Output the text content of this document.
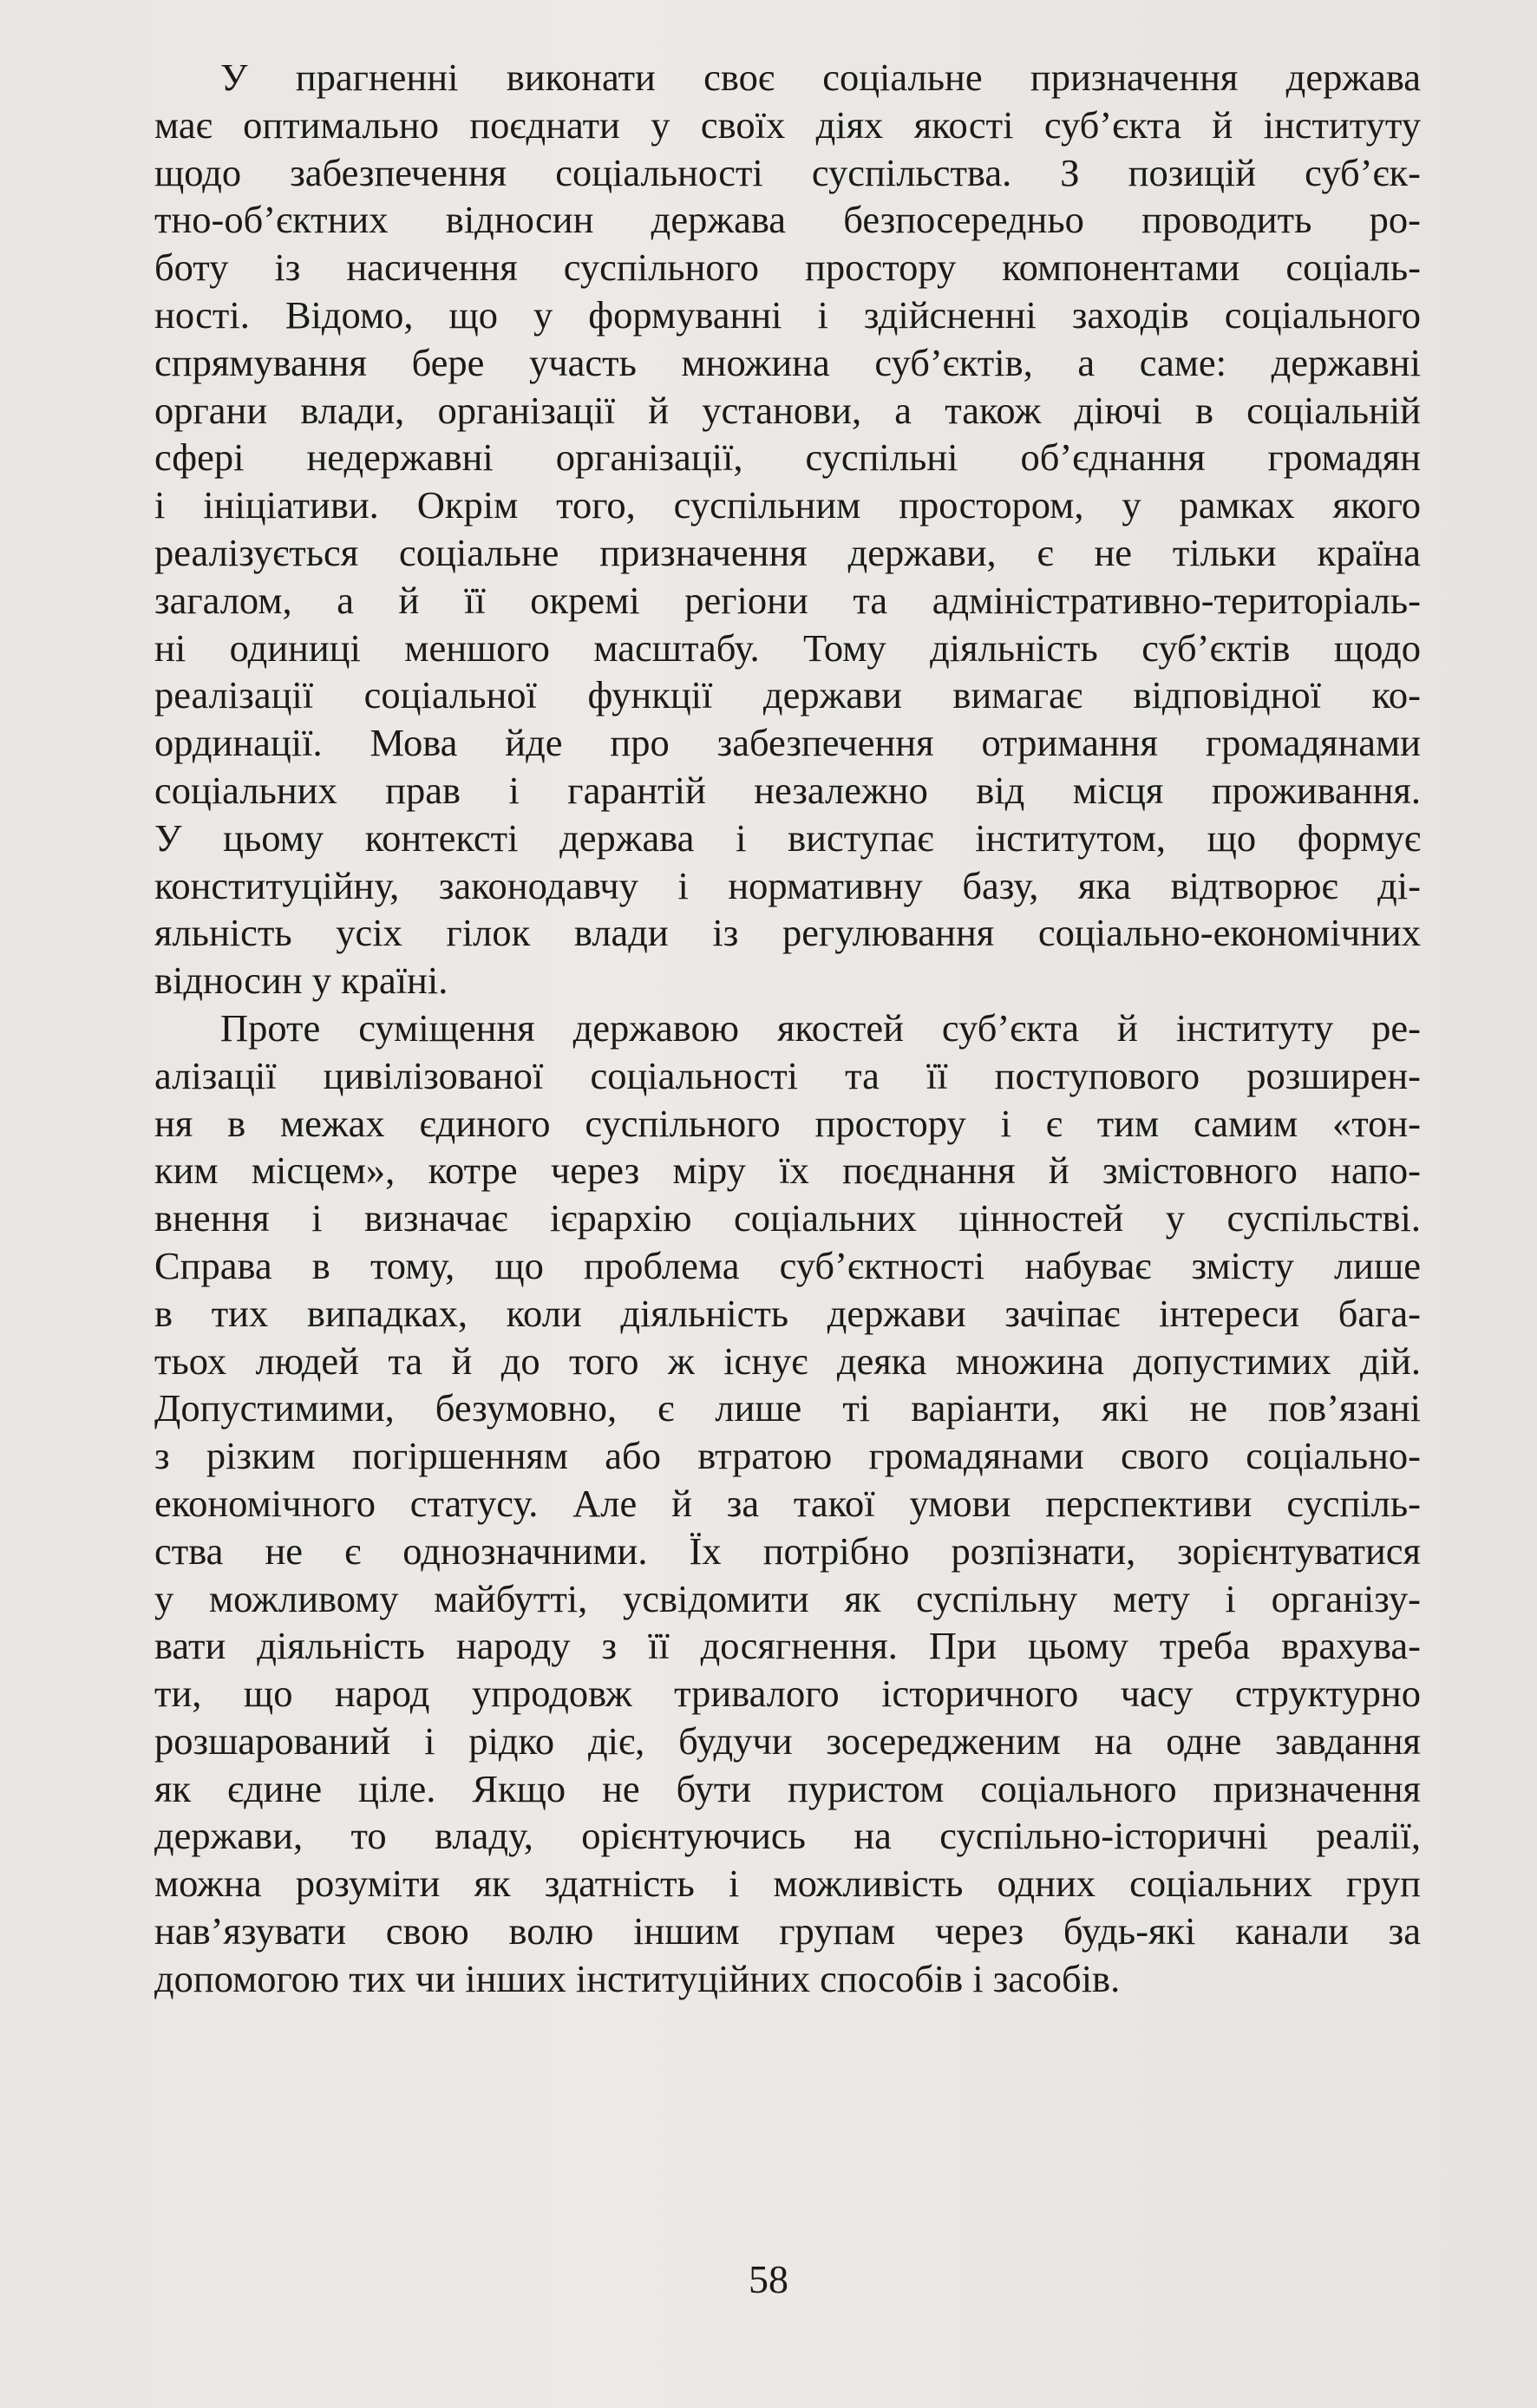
У прагненні виконати своє соціальне призначення держава
має оптимально поєднати у своїх діях якості суб’єкта й інституту
щодо забезпечення соціальності суспільства. З позицій суб’єк-
тно-об’єктних відносин держава безпосередньо проводить ро-
боту із насичення суспільного простору компонентами соціаль-
ності. Відомо, що у формуванні і здійсненні заходів соціального
спрямування бере участь множина суб’єктів, а саме: державні
органи влади, організації й установи, а також діючі в соціальній
сфері недержавні організації, суспільні об’єднання громадян
і ініціативи. Окрім того, суспільним простором, у рамках якого
реалізується соціальне призначення держави, є не тільки країна
загалом, а й її окремі регіони та адміністративно-територіаль-
ні одиниці меншого масштабу. Тому діяльність суб’єктів щодо
реалізації соціальної функції держави вимагає відповідної ко-
ординації. Мова йде про забезпечення отримання громадянами
соціальних прав і гарантій незалежно від місця проживання.
У цьому контексті держава і виступає інститутом, що формує
конституційну, законодавчу і нормативну базу, яка відтворює ді-
яльність усіх гілок влади із регулювання соціально-економічних
відносин у країні.
Проте суміщення державою якостей суб’єкта й інституту ре-
алізації цивілізованої соціальності та її поступового розширен-
ня в межах єдиного суспільного простору і є тим самим «тон-
ким місцем», котре через міру їх поєднання й змістовного напо-
внення і визначає ієрархію соціальних цінностей у суспільстві.
Справа в тому, що проблема суб’єктності набуває змісту лише
в тих випадках, коли діяльність держави зачіпає інтереси бага-
тьох людей та й до того ж існує деяка множина допустимих дій.
Допустимими, безумовно, є лише ті варіанти, які не пов’язані
з різким погіршенням або втратою громадянами свого соціально-
економічного статусу. Але й за такої умови перспективи суспіль-
ства не є однозначними. Їх потрібно розпізнати, зорієнтуватися
у можливому майбутті, усвідомити як суспільну мету і організу-
вати діяльність народу з її досягнення. При цьому треба врахува-
ти, що народ упродовж тривалого історичного часу структурно
розшарований і рідко діє, будучи зосередженим на одне завдання
як єдине ціле. Якщо не бути пуристом соціального призначення
держави, то владу, орієнтуючись на суспільно-історичні реалії,
можна розуміти як здатність і можливість одних соціальних груп
нав’язувати свою волю іншим групам через будь-які канали за
допомогою тих чи інших інституційних способів і засобів.
58
